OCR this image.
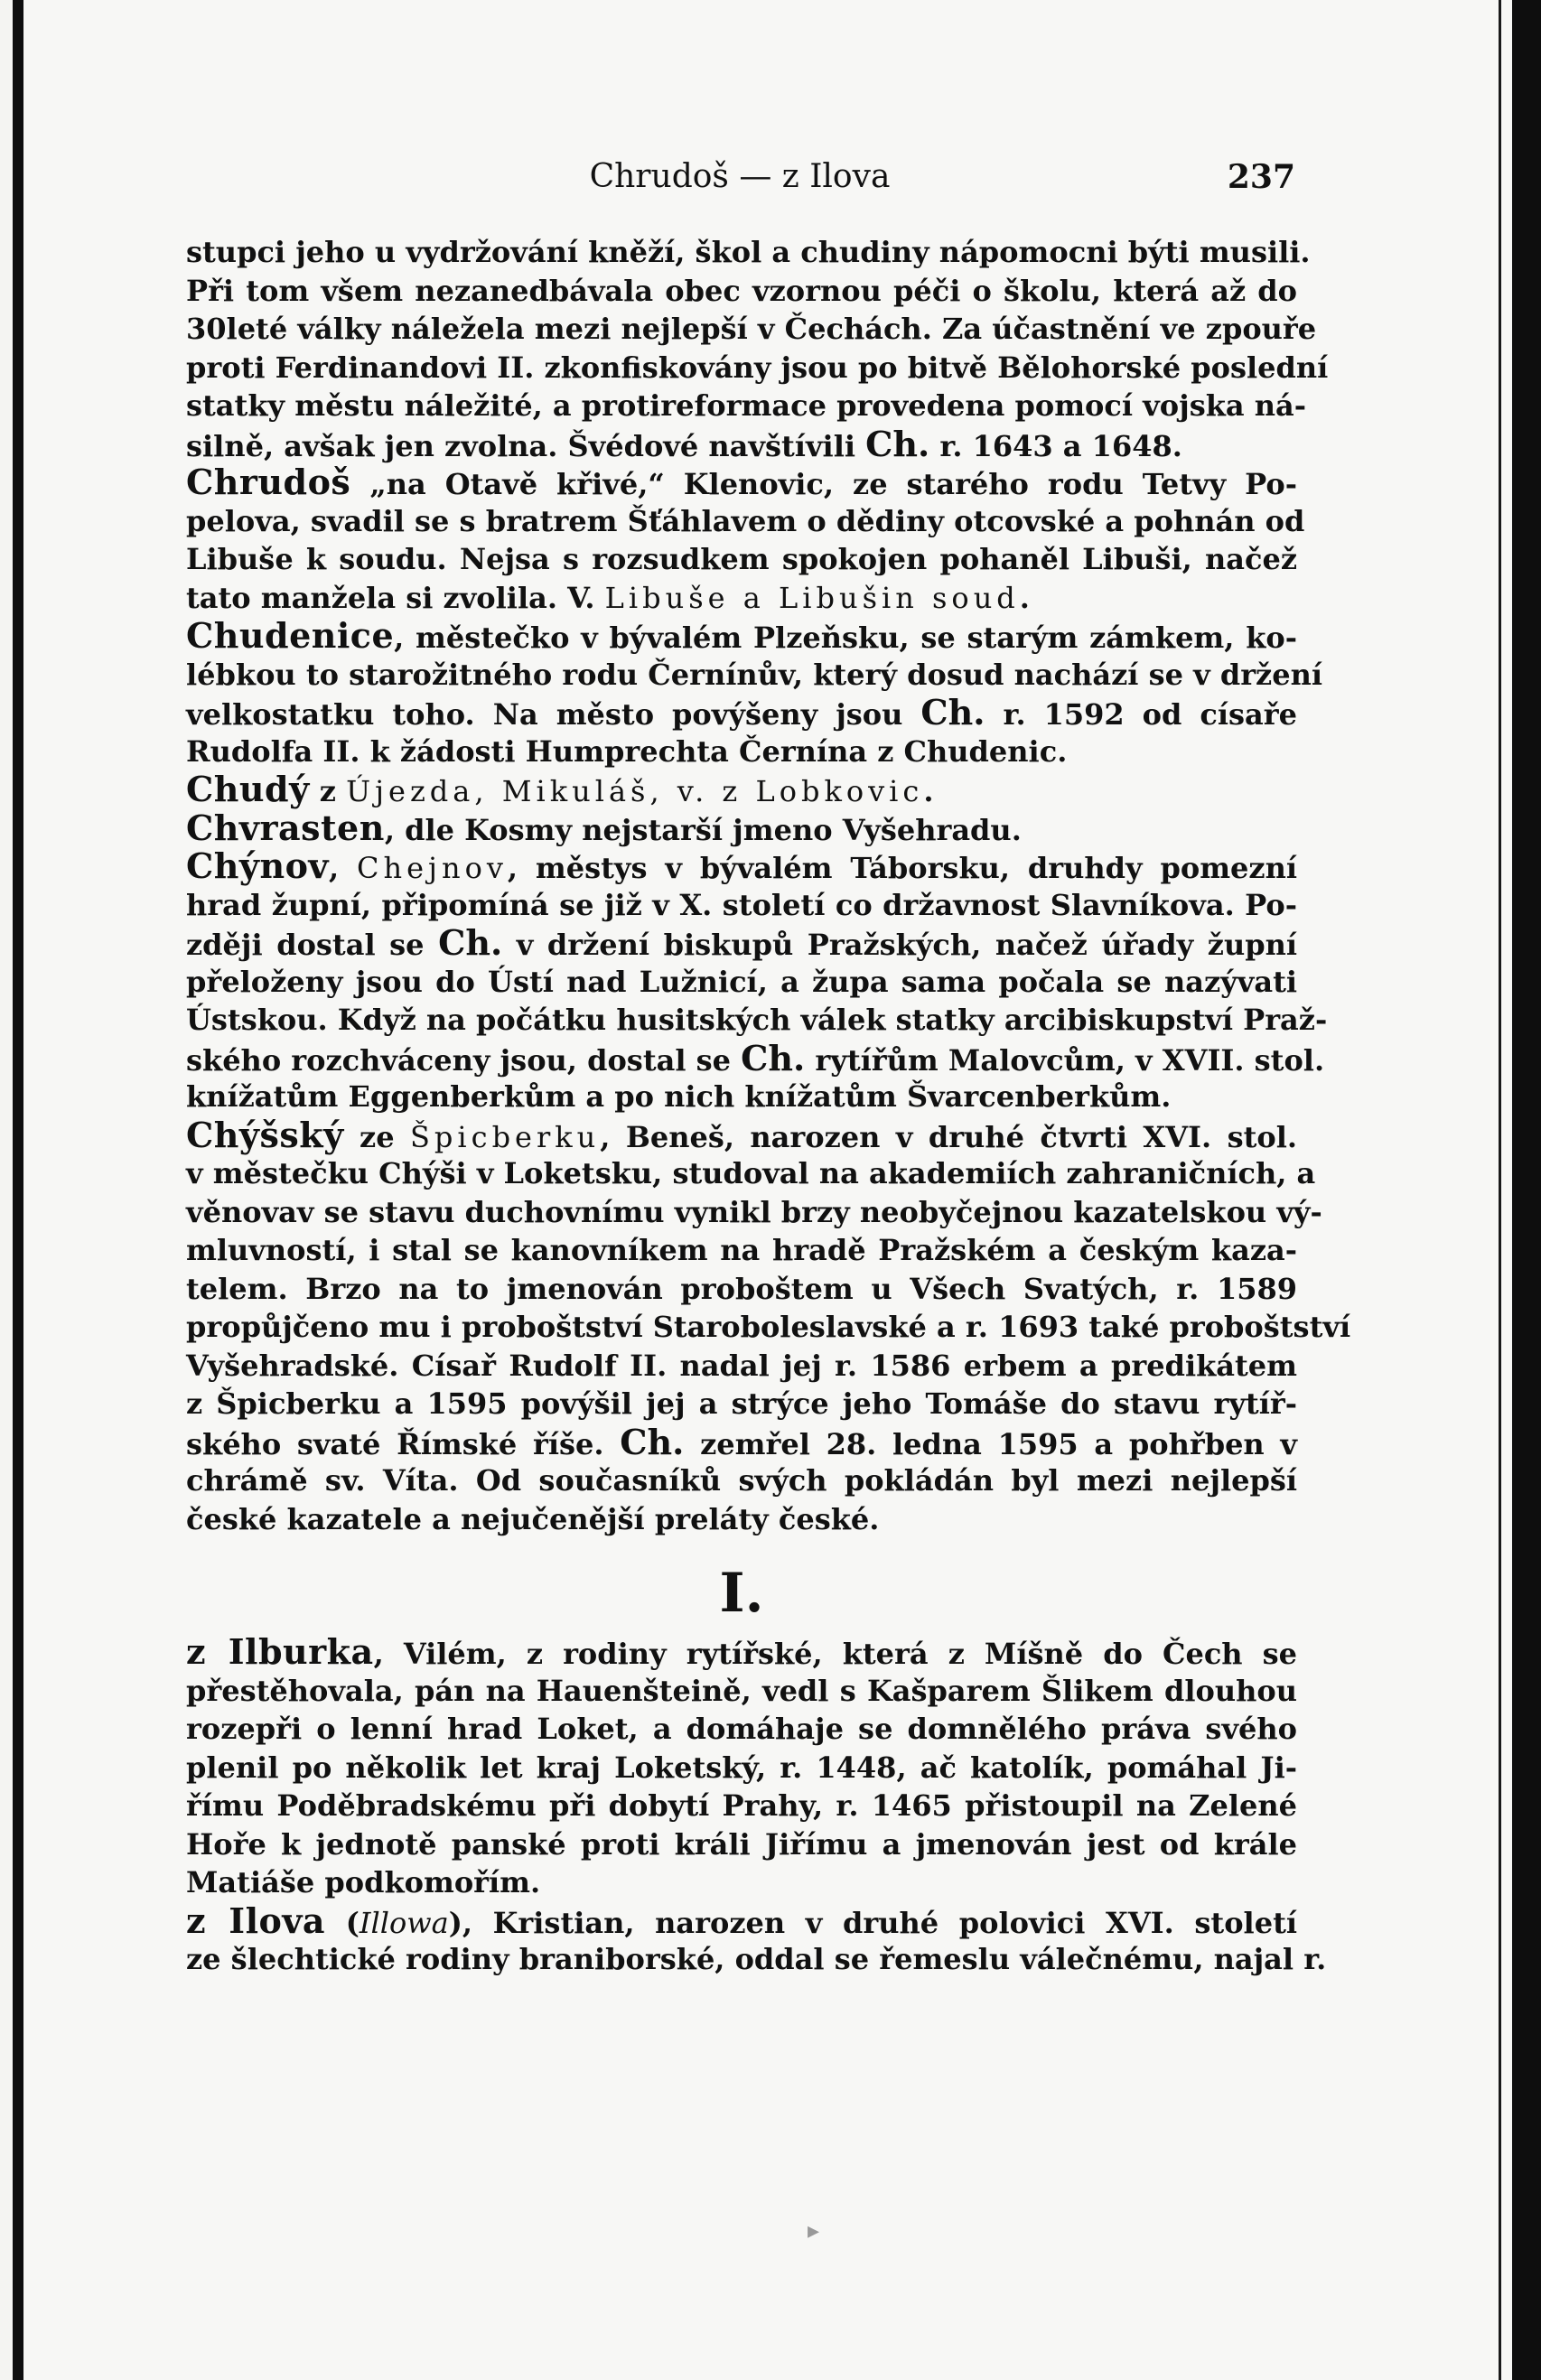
Chrudoš — z Ilova	237
stupci jeho u vydržování kněží, škol a chudiny nápomocni býti musili.
Při tom všem nezanedbávala obec vzornou péči o školu, která až do
30leté války náležela mezi nejlepší v Čechách. Za účastnění ve zpouře
proti Ferdinandovi II. zkonfiskovány jsou po bitvě Bělohorské poslední
statky městu náležité, a protireformace provedena pomocí vojska ná-
silně, avšak jen zvolna. Švédové navštívili Ch. r. 1643 a 1648.
Chrudoš „na Otavě křivé,“ Klenovic, ze starého rodu Tetvy Po-
pelova, svadil se s bratrem Šťáhlavem o dědiny otcovské a pohnán od
Libuše k soudu. Nejsa s rozsudkem spokojen pohaněl Libuši, načež
tato manžela si zvolila. V. Libuše a Libušin soud.
Chudenice, městečko v bývalém Plzeňsku, se starým zámkem, ko-
lébkou to starožitného rodu Černínův, který dosud nachází se v držení
velkostatku toho. Na město povýšeny jsou Ch. r. 1592 od císaře
Rudolfa II. k žádosti Humprechta Černína z Chudenic.
Chudý z Újezda, Mikuláš, v. z Lobkovic.
Chvrasten, dle Kosmy nejstarší jmeno Vyšehradu.
Chýnov, Chejnov, městys v bývalém Táborsku, druhdy pomezní
hrad župní, připomíná se již v X. století co državnost Slavníkova. Po-
zději dostal se Ch. v držení biskupů Pražských, načež úřady župní
přeloženy jsou do Ústí nad Lužnicí, a župa sama počala se nazývati
Ústskou. Když na počátku husitských válek statky arcibiskupství Praž-
ského rozchváceny jsou, dostal se Ch. rytířům Malovcům, v XVII. stol.
knížatům Eggenberkům a po nich knížatům Švarcenberkům.
Chýšský ze Špicberku, Beneš, narozen v druhé čtvrti XVI. stol.
v městečku Chýši v Loketsku, studoval na akademiích zahraničních, a
věnovav se stavu duchovnímu vynikl brzy neobyčejnou kazatelskou vý-
mluvností, i stal se kanovníkem na hradě Pražském a českým kaza-
telem. Brzo na to jmenován proboštem u Všech Svatých, r. 1589
propůjčeno mu i proboštství Staroboleslavské a r. 1693 také proboštství
Vyšehradské. Císař Rudolf II. nadal jej r. 1586 erbem a predikátem
z Špicberku a 1595 povýšil jej a strýce jeho Tomáše do stavu rytíř-
ského svaté Římské říše. Ch. zemřel 28. ledna 1595 a pohřben v
chrámě sv. Víta. Od současníků svých pokládán byl mezi nejlepší
české kazatele a nejučenější preláty české.
I.
z Ilburka, Vilém, z rodiny rytířské, která z Míšně do Čech se
přestěhovala, pán na Hauenšteině, vedl s Kašparem Šlikem dlouhou
rozepři o lenní hrad Loket, a domáhaje se domnělého práva svého
plenil po několik let kraj Loketský, r. 1448, ač katolík, pomáhal Ji-
římu Poděbradskému při dobytí Prahy, r. 1465 přistoupil na Zelené
Hoře k jednotě panské proti králi Jiřímu a jmenován jest od krále
Matiáše podkomořím.
z Ilova (Illowa), Kristian, narozen v druhé polovici XVI. století
ze šlechtické rodiny braniborské, oddal se řemeslu válečnému, najal r.
▸
